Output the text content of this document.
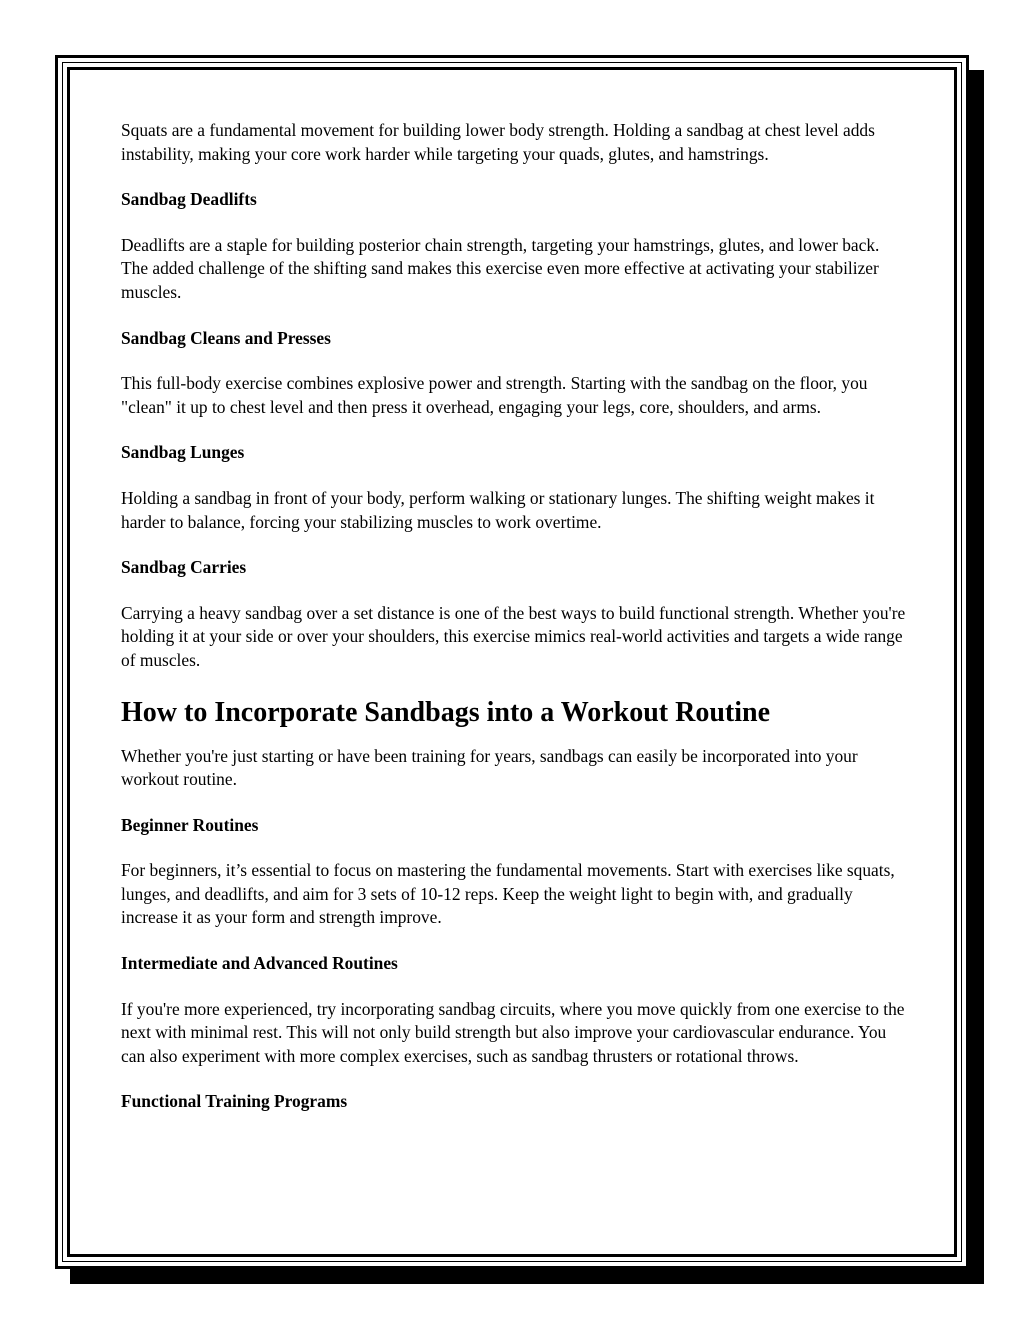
Squats are a fundamental movement for building lower body strength. Holding a sandbag at chest level adds instability, making your core work harder while targeting your quads, glutes, and hamstrings.

Sandbag Deadlifts

Deadlifts are a staple for building posterior chain strength, targeting your hamstrings, glutes, and lower back. The added challenge of the shifting sand makes this exercise even more effective at activating your stabilizer muscles.

Sandbag Cleans and Presses

This full-body exercise combines explosive power and strength. Starting with the sandbag on the floor, you "clean" it up to chest level and then press it overhead, engaging your legs, core, shoulders, and arms.

Sandbag Lunges

Holding a sandbag in front of your body, perform walking or stationary lunges. The shifting weight makes it harder to balance, forcing your stabilizing muscles to work overtime.

Sandbag Carries

Carrying a heavy sandbag over a set distance is one of the best ways to build functional strength. Whether you're holding it at your side or over your shoulders, this exercise mimics real-world activities and targets a wide range of muscles.

How to Incorporate Sandbags into a Workout Routine

Whether you're just starting or have been training for years, sandbags can easily be incorporated into your workout routine.

Beginner Routines

For beginners, it’s essential to focus on mastering the fundamental movements. Start with exercises like squats, lunges, and deadlifts, and aim for 3 sets of 10-12 reps. Keep the weight light to begin with, and gradually increase it as your form and strength improve.

Intermediate and Advanced Routines

If you're more experienced, try incorporating sandbag circuits, where you move quickly from one exercise to the next with minimal rest. This will not only build strength but also improve your cardiovascular endurance. You can also experiment with more complex exercises, such as sandbag thrusters or rotational throws.

Functional Training Programs
